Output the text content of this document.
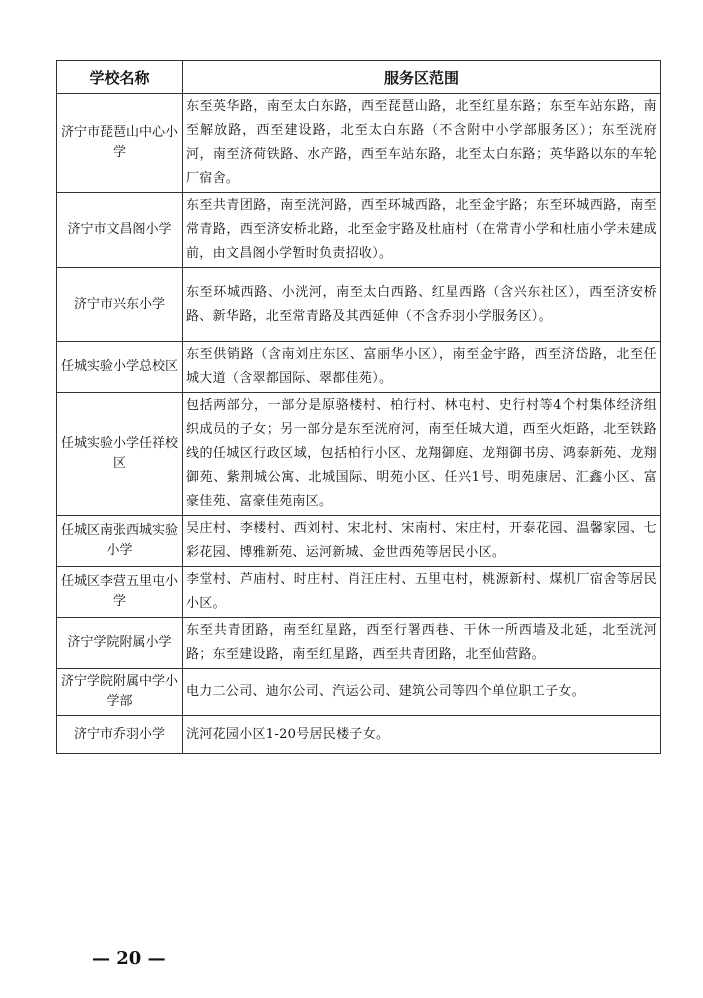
学校名称	服务区范围
济宁市琵琶山中心小学	东至英华路，南至太白东路，西至琵琶山路，北至红星东路；东至车站东路，南至解放路，西至建设路，北至太白东路（不含附中小学部服务区）；东至洸府河，南至济荷铁路、水产路，西至车站东路，北至太白东路；英华路以东的车轮厂宿舍。
济宁市文昌阁小学	东至共青团路，南至洸河路，西至环城西路，北至金宇路；东至环城西路，南至常青路，西至济安桥北路，北至金宇路及杜庙村（在常青小学和杜庙小学未建成前，由文昌阁小学暂时负责招收）。
济宁市兴东小学	东至环城西路、小洸河，南至太白西路、红星西路（含兴东社区），西至济安桥路、新华路，北至常青路及其西延伸（不含乔羽小学服务区）。
任城实验小学总校区	东至供销路（含南刘庄东区、富丽华小区），南至金宇路，西至济岱路，北至任城大道（含翠都国际、翠都佳苑）。
任城实验小学任祥校区	包括两部分，一部分是原骆楼村、柏行村、林屯村、史行村等4个村集体经济组织成员的子女；另一部分是东至洸府河，南至任城大道，西至火炬路，北至铁路线的任城区行政区域，包括柏行小区、龙翔御庭、龙翔御书房、鸿泰新苑、龙翔御苑、紫荆城公寓、北城国际、明苑小区、任兴1号、明苑康居、汇鑫小区、富豪佳苑、富豪佳苑南区。
任城区南张西城实验小学	吴庄村、李楼村、西刘村、宋北村、宋南村、宋庄村，开泰花园、温馨家园、七彩花园、博雅新苑、运河新城、金世西苑等居民小区。
任城区李营五里屯小学	李堂村、芦庙村、时庄村、肖汪庄村、五里屯村，桃源新村、煤机厂宿舍等居民小区。
济宁学院附属小学	东至共青团路，南至红星路，西至行署西巷、干休一所西墙及北延，北至洸河路；东至建设路，南至红星路，西至共青团路，北至仙营路。
济宁学院附属中学小学部	电力二公司、迪尔公司、汽运公司、建筑公司等四个单位职工子女。
济宁市乔羽小学	洸河花园小区1-20号居民楼子女。
— 20 —
